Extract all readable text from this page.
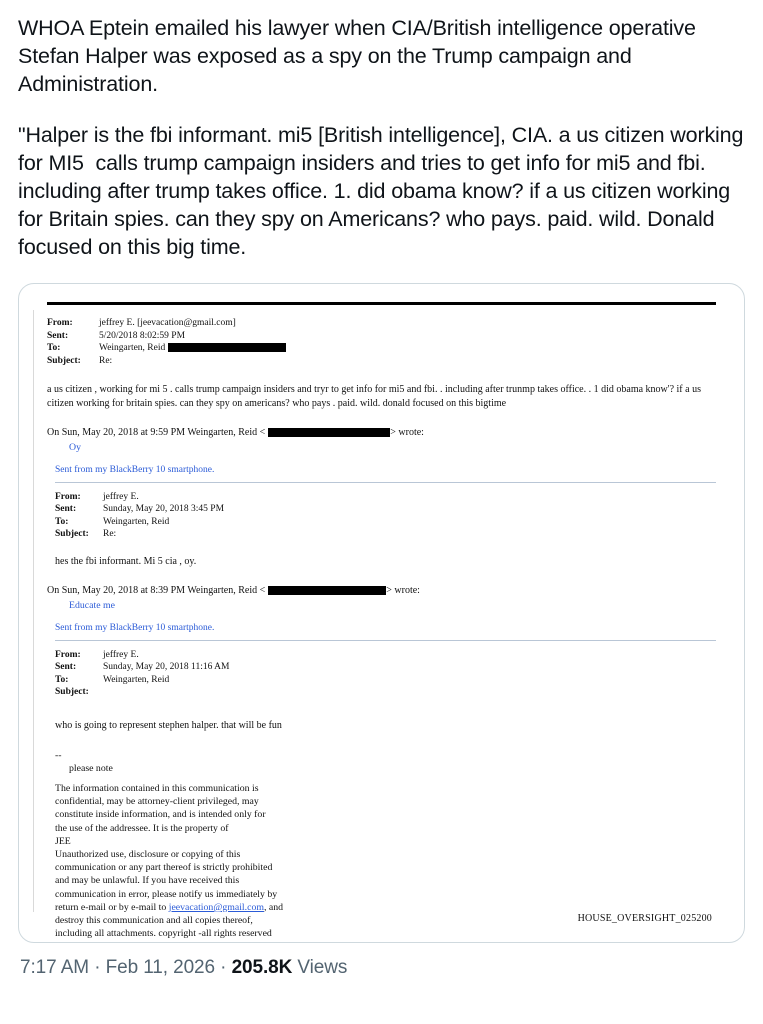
WHOA Eptein emailed his lawyer when CIA/British intelligence operative Stefan Halper was exposed as a spy on the Trump campaign and Administration.
"Halper is the fbi informant. mi5 [British intelligence], CIA. a us citizen working for MI5  calls trump campaign insiders and tries to get info for mi5 and fbi. including after trump takes office. 1. did obama know? if a us citizen working for Britain spies. can they spy on Americans? who pays. paid. wild. Donald focused on this big time.
From:	jeffrey E. [jeevacation@gmail.com]
Sent:	5/20/2018 8:02:59 PM
To:	Weingarten, Reid
Subject:	Re:
a us citizen , working for mi 5 . calls trump campaign insiders and tryr to get info for mi5 and fbi. . including after trunmp takes office. . 1 did obama know'? if a us citizen working for britain spies. can they spy on americans? who pays . paid. wild. donald focused on this bigtime
On Sun, May 20, 2018 at 9:59 PM Weingarten, Reid <	> wrote:
Oy
Sent from my BlackBerry 10 smartphone.
From:	jeffrey E.
Sent:	Sunday, May 20, 2018 3:45 PM
To:	Weingarten, Reid
Subject:	Re:
hes the fbi informant. Mi 5 cia , oy.
On Sun, May 20, 2018 at 8:39 PM Weingarten, Reid <	> wrote:
Educate me
Sent from my BlackBerry 10 smartphone.
From:	jeffrey E.
Sent:	Sunday, May 20, 2018 11:16 AM
To:	Weingarten, Reid
Subject:
who is going to represent stephen halper. that will be fun
--
please note
The information contained in this communication is
confidential, may be attorney-client privileged, may
constitute inside information, and is intended only for
the use of the addressee. It is the property of
JEE
Unauthorized use, disclosure or copying of this
communication or any part thereof is strictly prohibited
and may be unlawful. If you have received this
communication in error, please notify us immediately by
return e-mail or by e-mail to jeevacation@gmail.com, and
destroy this communication and all copies thereof,
including all attachments. copyright -all rights reserved
HOUSE_OVERSIGHT_025200
7:17 AM · Feb 11, 2026 · 205.8K Views
